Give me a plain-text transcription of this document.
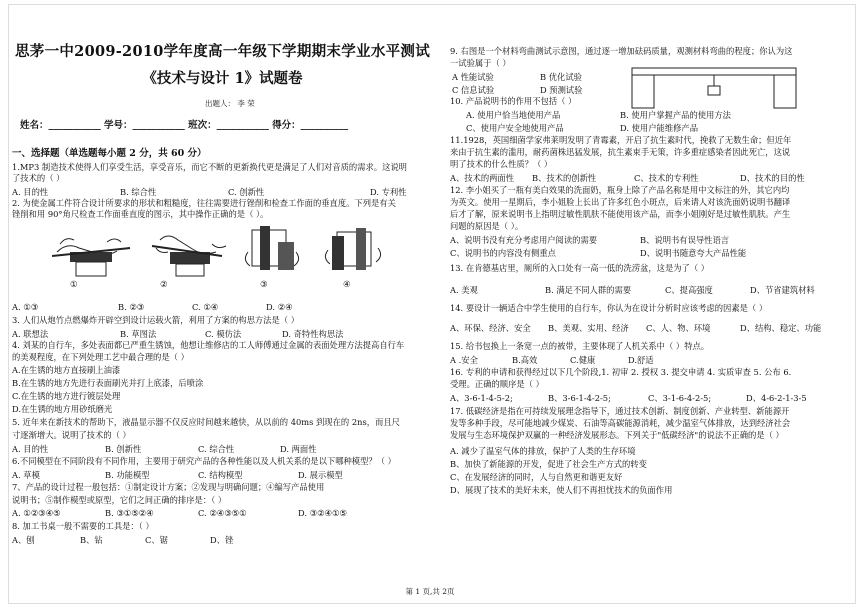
思茅一中2009-2010学年度高一年级下学期期末学业水平测试
《技术与设计 1》试题卷
出题人： 李 荣
姓名：___________ 学号：___________ 班次：___________ 得分：__________
一、选择题（单选题每小题 2 分，共 60 分）
1.MP3 制造技术使得人们享受生活，享受音乐，而它不断的更新换代更是满足了人们对音质的需求。这说明
了技术的（ ）
A. 目的性	B. 综合性	C. 创新性	D. 专利性
2. 为使金属工件符合设计所要求的形状和粗糙度，往往需要进行锉削和检查工作面的垂直度。下列是有关
锉削和用 90°角尺检查工作面垂直度的图示，其中操作正确的是（ ）。
①	②	③	④
A. ①③	B. ②③	C. ①④	D. ②④
3. 人们从炮竹点燃爆炸开辟空到设计运载火箭，利用了方案的构思方法是（ ）
A. 联想法	B. 草图法	C. 模仿法	D. 奇特性构思法
4. 刘某的自行车，多处表面都已严重生锈蚀，他想让维修店的工人师傅通过金属的表面处理方法提高自行车
的美观程度，在下列处理工艺中最合理的是（ ）
A.在生锈的地方直接刷上油漆
B.在生锈的地方先进行表面刷光并打上底漆，后喷涂
C.在生锈的地方进行镀层处理
D.在生锈的地方用砂纸磨光
5. 近年来在新技术的帮助下，液晶显示器不仅反应时间越来越快，从以前的 40ms 到现在的 2ns，而且尺
寸逐渐增大。说明了技术的（ ）
A. 目的性	B. 创新性	C. 综合性	D. 两面性
6.不同模型在不同阶段有不同作用，主要用于研究产品的各种性能以及人机关系的是以下哪种模型？（ ）
A. 草模	B. 功能模型	C. 结构模型	D. 展示模型
7、产品的设计过程一般包括：①制定设计方案；②发现与明确问题；④编写产品使用
说明书；⑤制作模型或原型，它们之间正确的排序是：（ ）
A. ①②③④⑤	B. ③①⑤②④	C. ②④③⑤①	D. ③②④①⑤
8. 加工书桌一般不需要的工具是：（ ）
A、刨	B、钻	C、锯	D、锉
9. 右图是一个材料弯曲测试示意图，通过逐一增加砝码质量，观测材料弯曲的程度；你认为这
一试验属于（ ）
A 性能试验	B 优化试验
C 信息试验	D 预测试验
10. 产品说明书的作用不包括（ ）
A. 使用户恰当地使用产品	B. 使用户掌握产品的使用方法
C、使用户安全地使用产品	D. 使用户能维修产品
11.1928，英国细菌学家弗莱明发明了青霉素，开启了抗生素时代，挽救了无数生命；但近年
来由于抗生素的滥用，耐药菌株迅猛发展，抗生素束手无策，许多重症感染者因此死亡，这说
明了技术的什么性质？（ ）
A、技术的两面性 B、技术的创新性	C、技术的专利性	D、技术的目的性
12. 李小姐买了一瓶有美白效果的洗面奶，瓶身上除了产品名称是用中文标注的外，其它内均
为英文。使用一星期后，李小姐脸上长出了许多红色小斑点，后来请人对该洗面奶说明书翻译
后才了解，原来说明书上指明过敏性肌肤不能使用该产品，而李小姐刚好是过敏性肌肤。产生
问题的原因是（ ）。
A、说明书没有充分考虑用户阅读的需要	B、说明书有误导性语言
C、说明书的内容没有侧重点	D、说明书随意夸大产品性能
13. 在肯德基店里，厕所的入口处有一高一低的洗涝盆，这是为了（ ）
A. 美观	B. 满足不同人群的需要	C、提高强度	D、节省建筑材料
14. 要设计一辆适合中学生使用的自行车，你认为在设计分析时应该考虑的因素是（ ）
A、环保、经济、安全 B、美观、实用、经济 C、人、物、环境	D、结构、稳定、功能
15. 给书包换上一条宽一点的被带，主要体现了人机关系中（ ）特点。
A .安全	B.高效	C.健康	D.舒适
16. 专利的申请和获得经过以下几个阶段,1. 初审 2. 授权 3. 提交申请 4. 实质审查 5. 公布 6.
受理。正确的顺序是（ ）
A、3-6-1-4-5-2;	B、3-6-1-4-2-5;	C、3-1-6-4-2-5;	D、4-6-2-1-3-5
17. 低碳经济是指在可持续发展理念指导下，通过技术创新、制度创新、产业转型、新能源开
发等多种手段，尽可能地减少煤炭、石油等高碳能源消耗，减少温室气体排放，达到经济社会
发展与生态环境保护双赢的一种经济发展形态。下列关于"低碳经济"的说法不正确的是（ ）
A. 减少了温室气体的排放，保护了人类的生存环境
B、加快了新能源的开发，促进了社会生产方式的转变
C、在发展经济的同时，人与自然更和谐更友好
D、展现了技术的美好未来，使人们不再担忧技术的负面作用
第 1 页,共 2页
